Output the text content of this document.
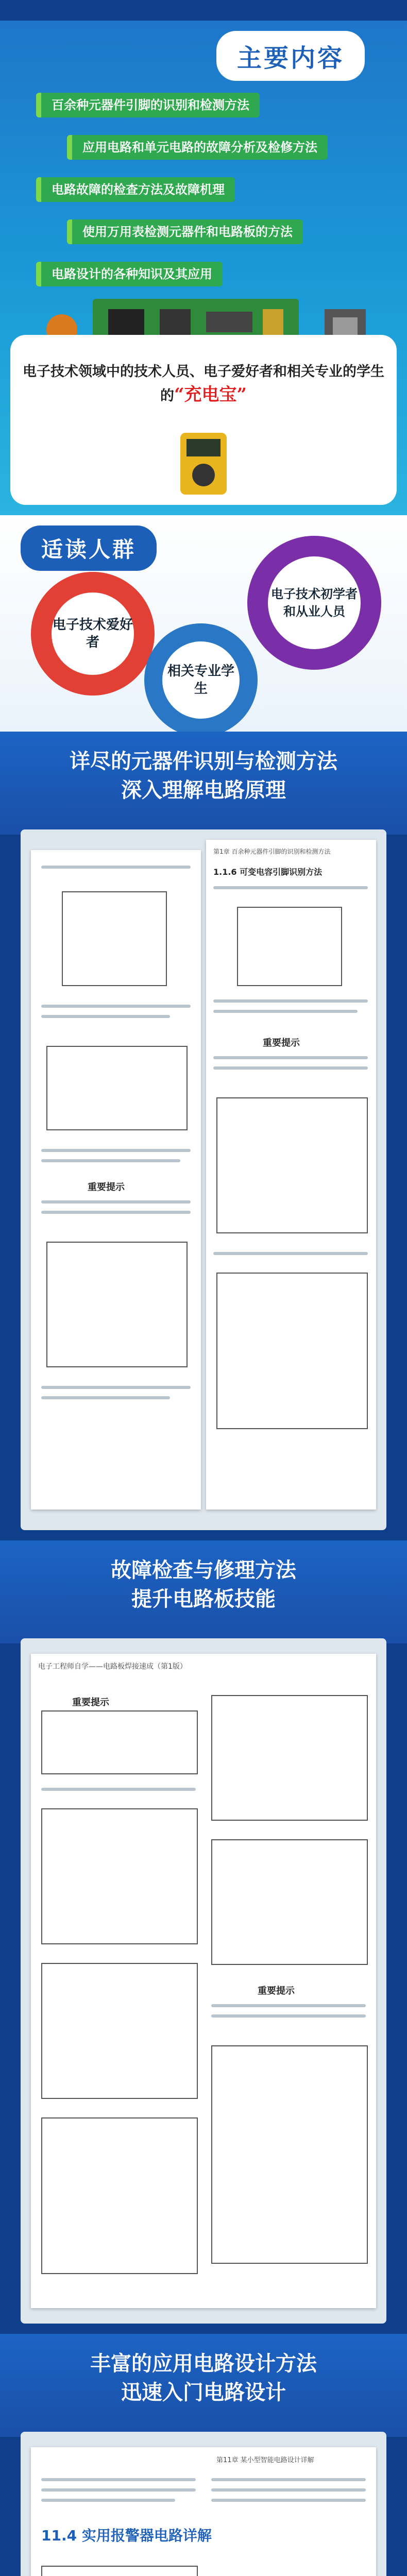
主要内容
百余种元器件引脚的识别和检测方法
应用电路和单元电路的故障分析及检修方法
电路故障的检查方法及故障机理
使用万用表检测元器件和电路板的方法
电路设计的各种知识及其应用
电子技术领域中的技术人员、电子爱好者和相关专业的学生的“充电宝”
适读人群
电子技术爱好者
电子技术初学者和从业人员
相关专业学生
详尽的元器件识别与检测方法
深入理解电路原理
重要提示
第1章 百余种元器件引脚的识别和检测方法
1.1.6 可变电容引脚识别方法
重要提示
故障检查与修理方法
提升电路板技能
电子工程师自学——电路板焊接速成（第1版）
重要提示
重要提示
丰富的应用电路设计方法
迅速入门电路设计
第11章 某小型智能电路设计详解
11.4 实用报警器电路详解
